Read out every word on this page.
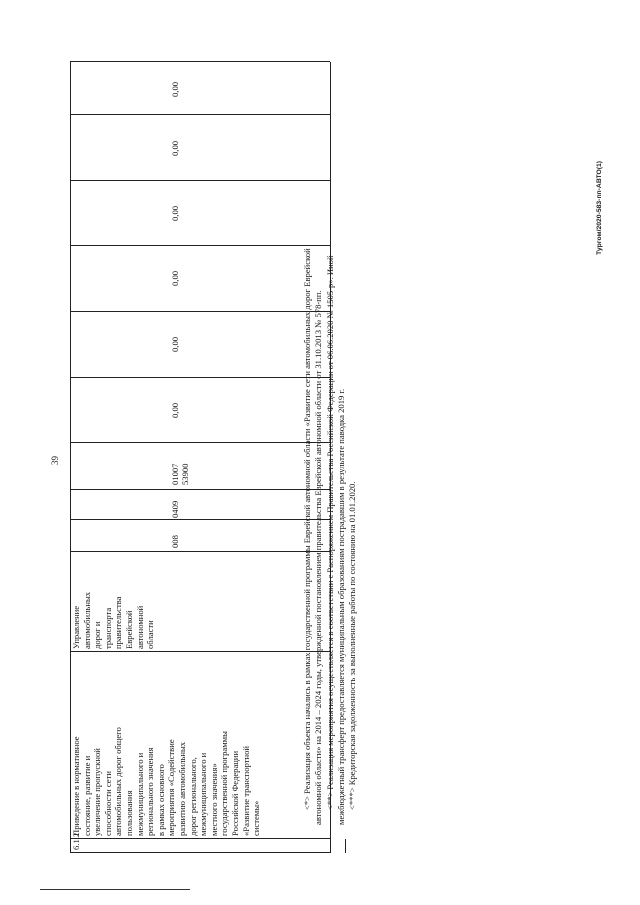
39
6.1.2
Приведение в нормативное состояние, развитие и увеличение пропускной способности сети автомобильных дорог общего пользования межмуниципального и регионального значения в рамках основного мероприятия «Содействие развитию автомобильных дорог регионального, межмуниципального и местного значения» государственной программы Российской Федерации «Развитие транспортной системы»
Управление автомобильных дорог и транспорта правительства Еврейской автономной области
008
0409
01007 53900
0,00
0,00
0,00
0,00
0,00
0,00
<*> Реализация объекта начались в рамках государственной программы Еврейской автономной области «Развитие сети автомобильных дорог Еврейской автономной области» на 2014 – 2024 годы, утвержденной постановлением правительства Еврейской автономной области от 31.10.2013 № 578-пп. <**> Реализация мероприятия осуществляется в соответствии с Распоряжением Правительства Российской Федерации от 06.06.2020 № 1505-р». Иной межбюджетный трансферт предоставляется муниципальным образованиям пострадавшим в результате паводка 2019 г. <***> Кредиторская задолженность за выполненные работы по состоянию на 01.01.2020.
Тургом/2020-583-пп-АВТО(1)
